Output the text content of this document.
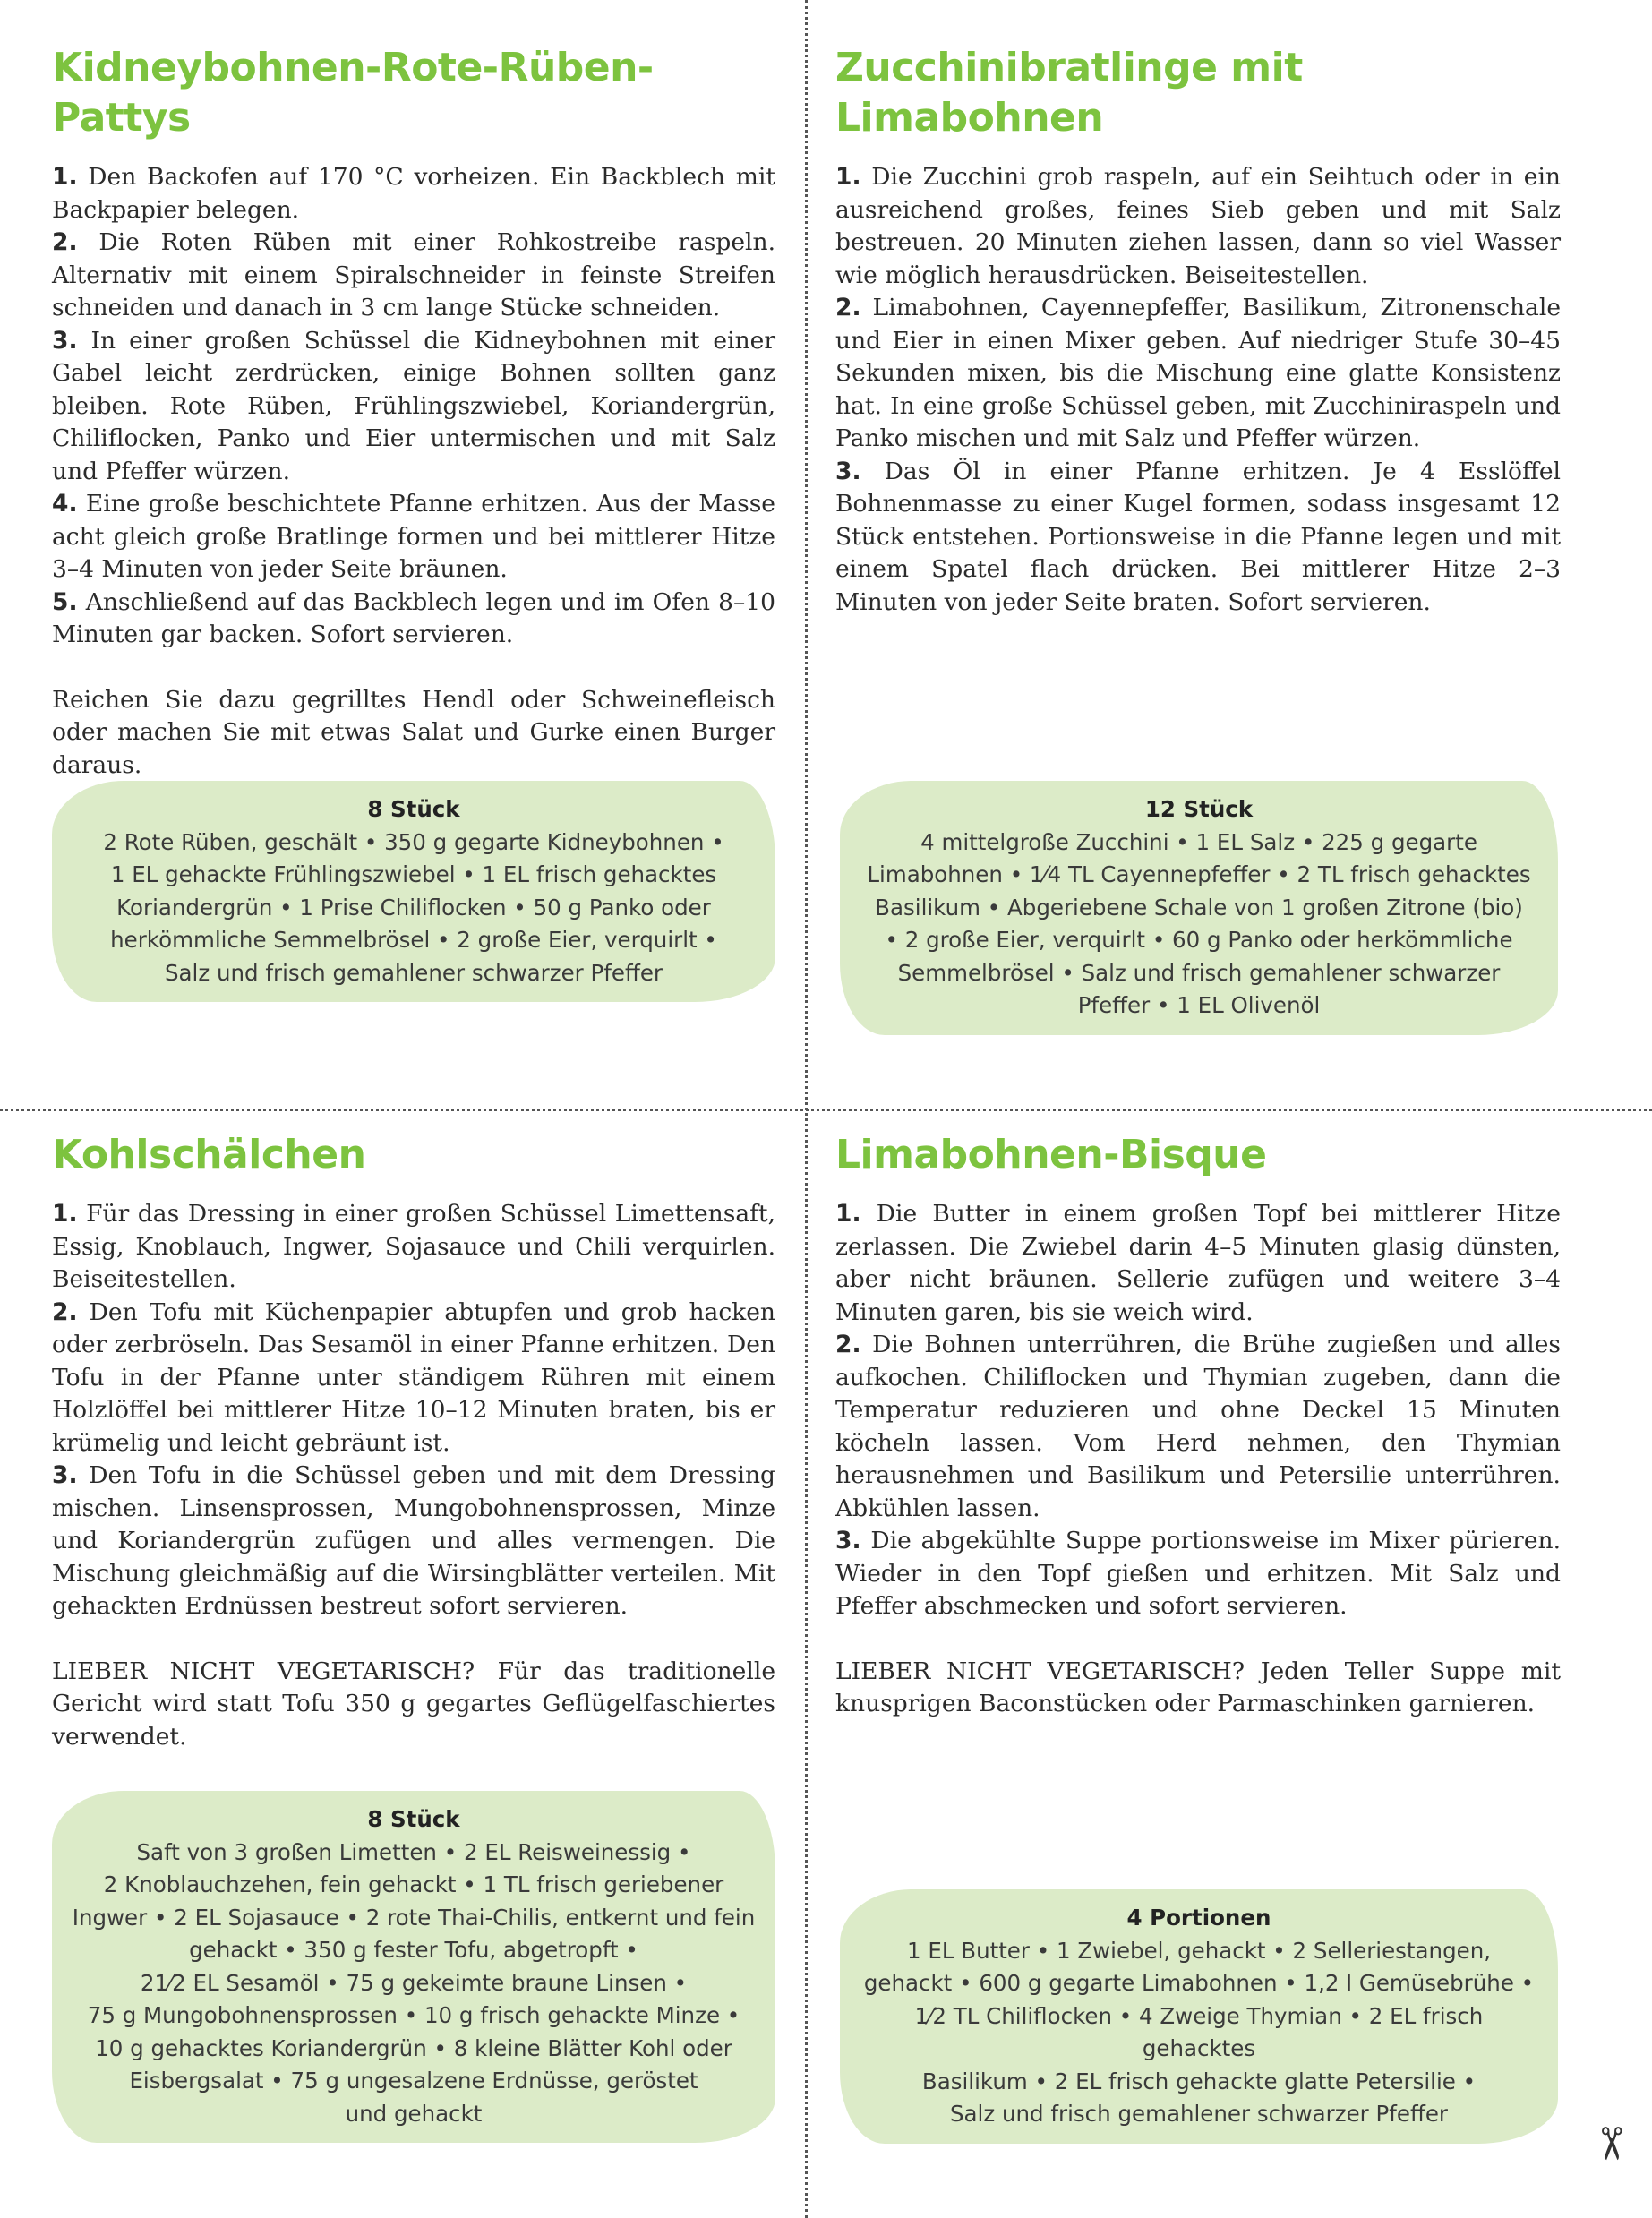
Kidneybohnen-Rote-Rüben-Pattys

1. Den Backofen auf 170 °C vorheizen. Ein Backblech mit Backpapier belegen.

2. Die Roten Rüben mit einer Rohkostreibe raspeln. Alternativ mit einem Spiralschneider in feinste Streifen schneiden und danach in 3 cm lange Stücke schneiden.

3. In einer großen Schüssel die Kidneybohnen mit einer Gabel leicht zerdrücken, einige Bohnen sollten ganz bleiben. Rote Rüben, Frühlingszwiebel, Koriandergrün, Chiliflocken, Panko und Eier untermischen und mit Salz und Pfeffer würzen.

4. Eine große beschichtete Pfanne erhitzen. Aus der Masse acht gleich große Bratlinge formen und bei mittlerer Hitze 3–4 Minuten von jeder Seite bräunen.

5. Anschließend auf das Backblech legen und im Ofen 8–10 Minuten gar backen. Sofort servieren.

Reichen Sie dazu gegrilltes Hendl oder Schweinefleisch oder machen Sie mit etwas Salat und Gurke einen Burger daraus.

8 Stück
2 Rote Rüben, geschält • 350 g gegarte Kidneybohnen •
1 EL gehackte Frühlingszwiebel • 1 EL frisch gehacktes
Koriandergrün • 1 Prise Chiliflocken • 50 g Panko oder
herkömmliche Semmelbrösel • 2 große Eier, verquirlt •
Salz und frisch gemahlener schwarzer Pfeffer
Zucchinibratlinge mit Limabohnen

1. Die Zucchini grob raspeln, auf ein Seihtuch oder in ein ausreichend großes, feines Sieb geben und mit Salz bestreuen. 20 Minuten ziehen lassen, dann so viel Wasser wie möglich herausdrücken. Beiseitestellen.

2. Limabohnen, Cayennepfeffer, Basilikum, Zitronenschale und Eier in einen Mixer geben. Auf niedriger Stufe 30–45 Sekunden mixen, bis die Mischung eine glatte Konsistenz hat. In eine große Schüssel geben, mit Zucchiniraspeln und Panko mischen und mit Salz und Pfeffer würzen.

3. Das Öl in einer Pfanne erhitzen. Je 4 Esslöffel Bohnenmasse zu einer Kugel formen, sodass insgesamt 12 Stück entstehen. Portionsweise in die Pfanne legen und mit einem Spatel flach drücken. Bei mittlerer Hitze 2–3 Minuten von jeder Seite braten. Sofort servieren.

12 Stück
4 mittelgroße Zucchini • 1 EL Salz • 225 g gegarte
Limabohnen • 1⁄4 TL Cayennepfeffer • 2 TL frisch gehacktes
Basilikum • Abgeriebene Schale von 1 großen Zitrone (bio)
• 2 große Eier, verquirlt • 60 g Panko oder herkömmliche
Semmelbrösel • Salz und frisch gemahlener schwarzer
Pfeffer • 1 EL Olivenöl
Kohlschälchen

1. Für das Dressing in einer großen Schüssel Limettensaft, Essig, Knoblauch, Ingwer, Sojasauce und Chili verquirlen. Beiseitestellen.

2. Den Tofu mit Küchenpapier abtupfen und grob hacken oder zerbröseln. Das Sesamöl in einer Pfanne erhitzen. Den Tofu in der Pfanne unter ständigem Rühren mit einem Holzlöffel bei mittlerer Hitze 10–12 Minuten braten, bis er krümelig und leicht gebräunt ist.

3. Den Tofu in die Schüssel geben und mit dem Dressing mischen. Linsensprossen, Mungobohnensprossen, Minze und Koriandergrün zufügen und alles vermengen. Die Mischung gleichmäßig auf die Wirsingblätter verteilen. Mit gehackten Erdnüssen bestreut sofort servieren.

LIEBER NICHT VEGETARISCH? Für das traditionelle Gericht wird statt Tofu 350 g gegartes Geflügelfaschiertes verwendet.

8 Stück
Saft von 3 großen Limetten • 2 EL Reisweinessig •
2 Knoblauchzehen, fein gehackt • 1 TL frisch geriebener
Ingwer • 2 EL Sojasauce • 2 rote Thai-Chilis, entkernt und fein
gehackt • 350 g fester Tofu, abgetropft •
21⁄2 EL Sesamöl • 75 g gekeimte braune Linsen •
75 g Mungobohnensprossen • 10 g frisch gehackte Minze •
10 g gehacktes Koriandergrün • 8 kleine Blätter Kohl oder
Eisbergsalat • 75 g ungesalzene Erdnüsse, geröstet
und gehackt
Limabohnen-Bisque

1. Die Butter in einem großen Topf bei mittlerer Hitze zerlassen. Die Zwiebel darin 4–5 Minuten glasig dünsten, aber nicht bräunen. Sellerie zufügen und weitere 3–4 Minuten garen, bis sie weich wird.

2. Die Bohnen unterrühren, die Brühe zugießen und alles aufkochen. Chiliflocken und Thymian zugeben, dann die Temperatur reduzieren und ohne Deckel 15 Minuten köcheln lassen. Vom Herd nehmen, den Thymian herausnehmen und Basilikum und Petersilie unterrühren. Abkühlen lassen.

3. Die abgekühlte Suppe portionsweise im Mixer pürieren. Wieder in den Topf gießen und erhitzen. Mit Salz und Pfeffer abschmecken und sofort servieren.

LIEBER NICHT VEGETARISCH? Jeden Teller Suppe mit knusprigen Baconstücken oder Parmaschinken garnieren.

4 Portionen
1 EL Butter • 1 Zwiebel, gehackt • 2 Selleriestangen,
gehackt • 600 g gegarte Limabohnen • 1,2 l Gemüsebrühe •
1⁄2 TL Chiliflocken • 4 Zweige Thymian • 2 EL frisch gehacktes
Basilikum • 2 EL frisch gehackte glatte Petersilie •
Salz und frisch gemahlener schwarzer Pfeffer
✂
